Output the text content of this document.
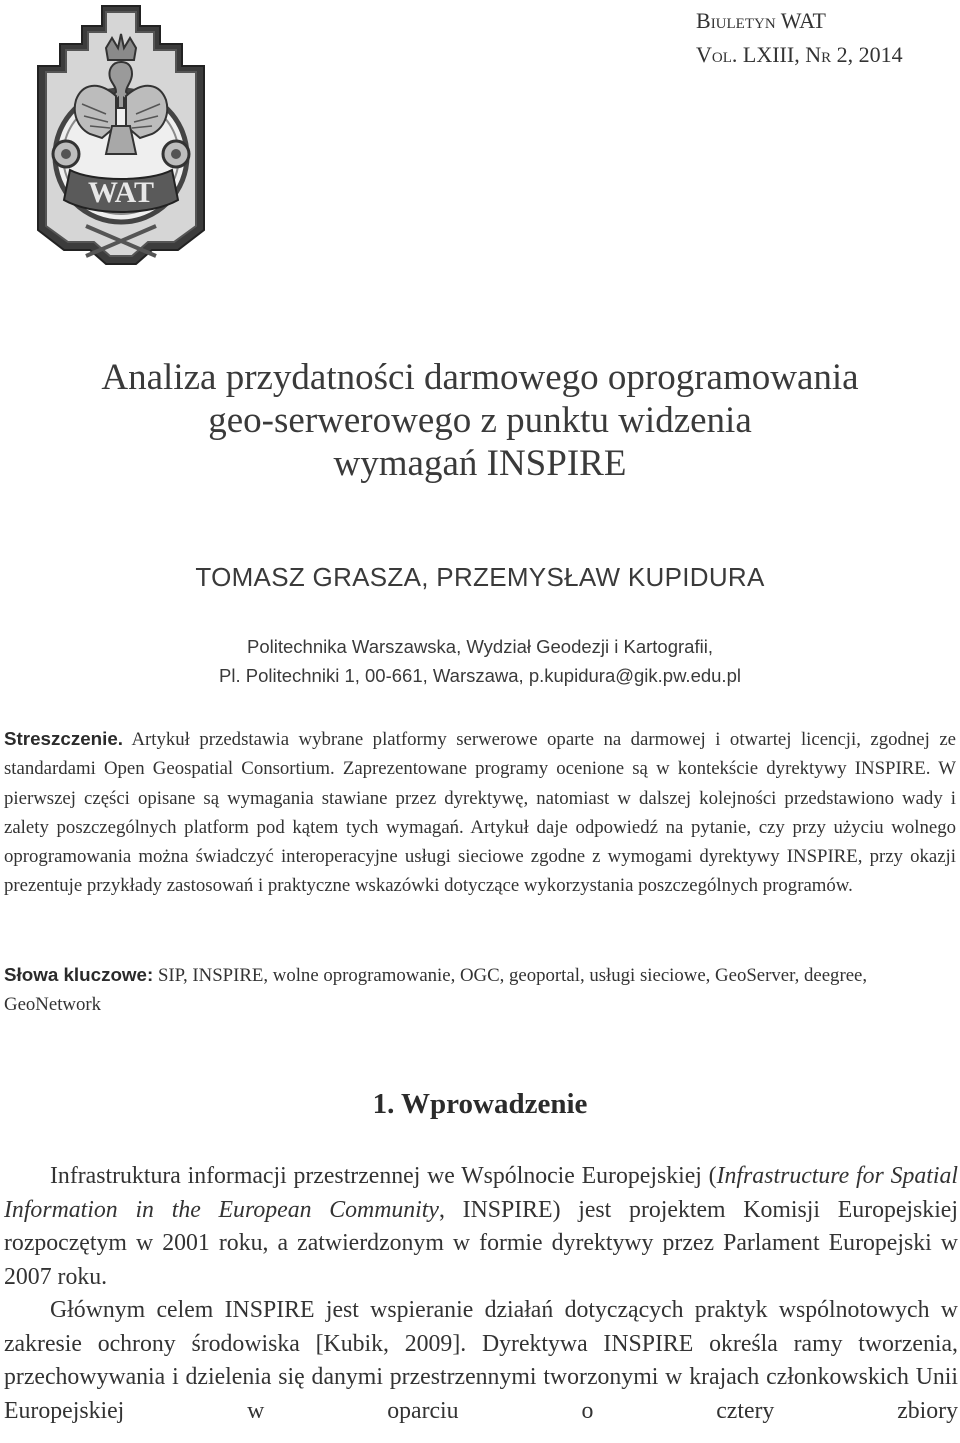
Biuletyn WAT
Vol. LXIII, Nr 2, 2014
WAT
Analiza przydatności darmowego oprogramowania
geo-serwerowego z punktu widzenia
wymagań INSPIRE
TOMASZ GRASZA, PRZEMYSŁAW KUPIDURA
Politechnika Warszawska, Wydział Geodezji i Kartografii,
Pl. Politechniki 1, 00-661, Warszawa, p.kupidura@gik.pw.edu.pl
Streszczenie. Artykuł przedstawia wybrane platformy serwerowe oparte na darmowej i otwartej licencji, zgodnej ze standardami Open Geospatial Consortium. Zaprezentowane programy ocenione są w kontekście dyrektywy INSPIRE. W pierwszej części opisane są wymagania stawiane przez dyrektywę, natomiast w dalszej kolejności przedstawiono wady i zalety poszczególnych platform pod kątem tych wymagań. Artykuł daje odpowiedź na pytanie, czy przy użyciu wolnego oprogramowania można świadczyć interoperacyjne usługi sieciowe zgodne z wymogami dyrektywy INSPIRE, przy okazji prezentuje przykłady zastosowań i praktyczne wskazówki dotyczące wykorzystania poszczególnych programów.
Słowa kluczowe: SIP, INSPIRE, wolne oprogramowanie, OGC, geoportal, usługi sieciowe, GeoServer, deegree, GeoNetwork
1. Wprowadzenie

Infrastruktura informacji przestrzennej we Wspólnocie Europejskiej (Infrastructure for Spatial Information in the European Community, INSPIRE) jest projektem Komisji Europejskiej rozpoczętym w 2001 roku, a zatwierdzonym w formie dyrektywy przez Parlament Europejski w 2007 roku.

Głównym celem INSPIRE jest wspieranie działań dotyczących praktyk wspólnotowych w zakresie ochrony środowiska [Kubik, 2009]. Dyrektywa INSPIRE określa ramy tworzenia, przechowywania i dzielenia się danymi przestrzennymi tworzonymi w krajach członkowskich Unii Europejskiej w oparciu o cztery zbiory
